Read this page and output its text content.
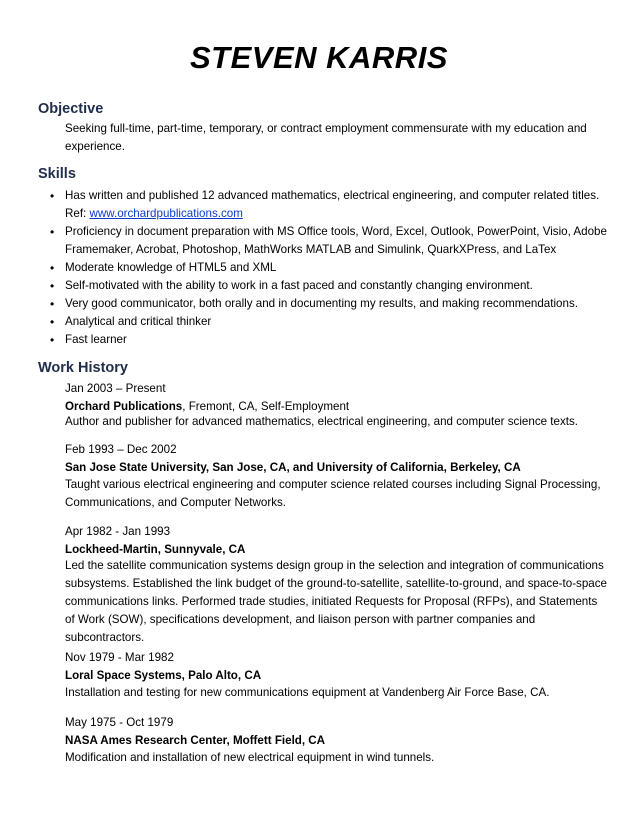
STEVEN KARRIS
Objective
Seeking full-time, part-time, temporary, or contract employment commensurate with my education and experience.
Skills
• Has written and published 12 advanced mathematics, electrical engineering, and computer related titles.
Ref: www.orchardpublications.com
• Proficiency in document preparation with MS Office tools, Word, Excel, Outlook, PowerPoint, Visio, Adobe Framemaker, Acrobat, Photoshop, MathWorks MATLAB and Simulink, QuarkXPress, and LaTex
• Moderate knowledge of HTML5 and XML
• Self-motivated with the ability to work in a fast paced and constantly changing environment.
• Very good communicator, both orally and in documenting my results, and making recommendations.
• Analytical and critical thinker
• Fast learner
Work History
Jan 2003 – Present
Orchard Publications, Fremont, CA, Self-Employment
Author and publisher for advanced mathematics, electrical engineering, and computer science texts.
Feb 1993 – Dec 2002
San Jose State University, San Jose, CA, and University of California, Berkeley, CA
Taught various electrical engineering and computer science related courses including Signal Processing, Communications, and Computer Networks.
Apr 1982 - Jan 1993
Lockheed-Martin, Sunnyvale, CA
Led the satellite communication systems design group in the selection and integration of communications subsystems. Established the link budget of the ground-to-satellite, satellite-to-ground, and space-to-space communications links. Performed trade studies, initiated Requests for Proposal (RFPs), and Statements of Work (SOW), specifications development, and liaison person with partner companies and subcontractors.
Nov 1979 - Mar 1982
Loral Space Systems, Palo Alto, CA
Installation and testing for new communications equipment at Vandenberg Air Force Base, CA.
May 1975 - Oct 1979
NASA Ames Research Center, Moffett Field, CA
Modification and installation of new electrical equipment in wind tunnels.
